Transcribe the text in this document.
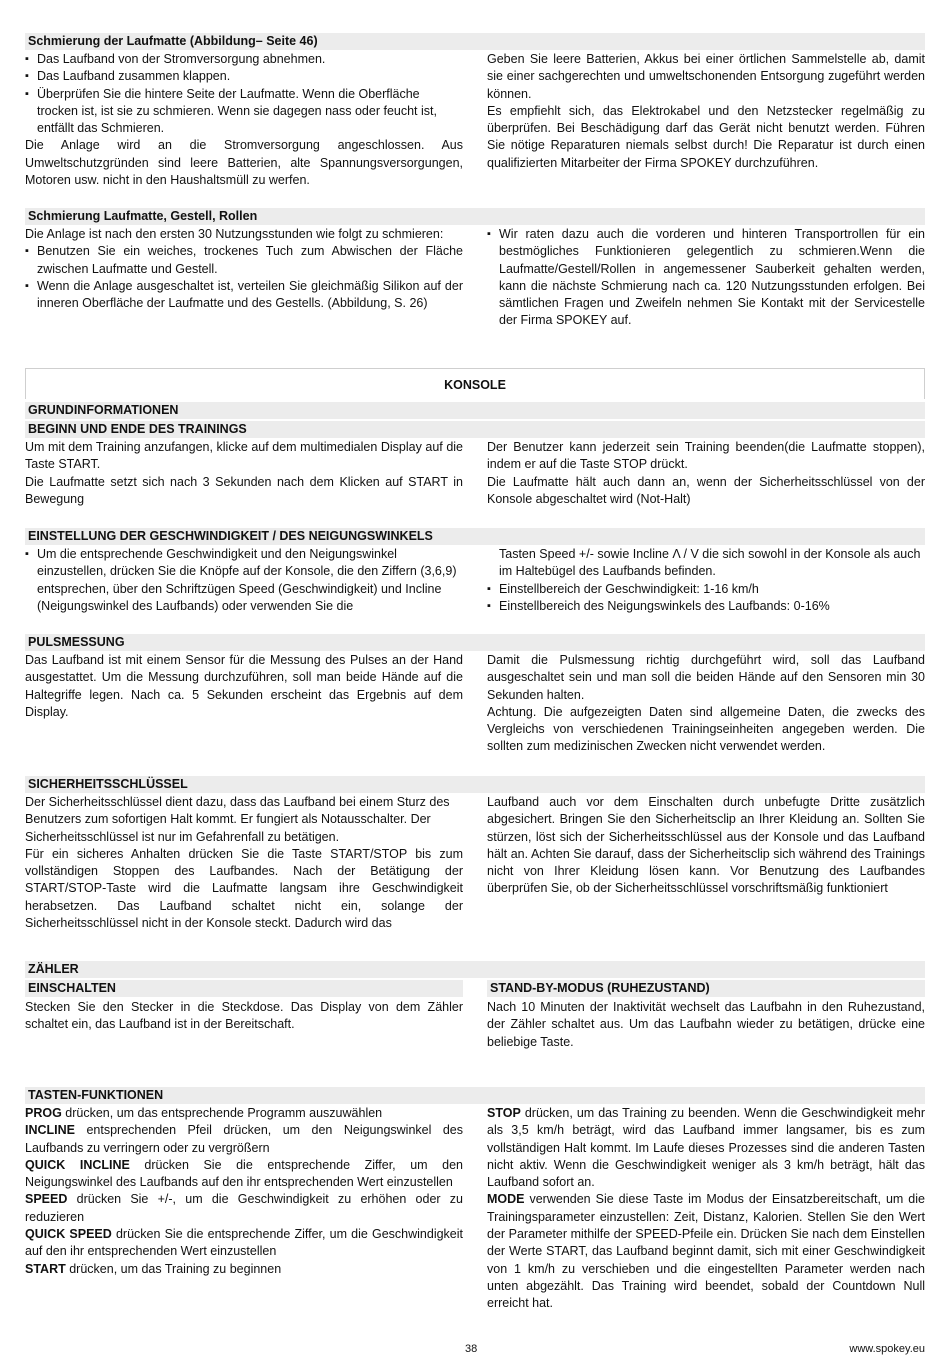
Schmierung der Laufmatte (Abbildung– Seite 46)
▪ Das Laufband von der Stromversorgung abnehmen.
▪ Das Laufband zusammen klappen.
▪ Überprüfen Sie die hintere Seite der Laufmatte. Wenn die Oberfläche trocken ist, ist sie zu schmieren. Wenn sie dagegen nass oder feucht ist, entfällt das Schmieren.

Die Anlage wird an die Stromversorgung angeschlossen. Aus Umweltschutzgründen sind leere Batterien, alte Spannungsversorgungen, Motoren usw. nicht in den Haushaltsmüll zu werfen.

Geben Sie leere Batterien, Akkus bei einer örtlichen Sammelstelle ab, damit sie einer sachgerechten und umweltschonenden Entsorgung zugeführt werden können.

Es empfiehlt sich, das Elektrokabel und den Netzstecker regelmäßig zu überprüfen. Bei Beschädigung darf das Gerät nicht benutzt werden. Führen Sie nötige Reparaturen niemals selbst durch! Die Reparatur ist durch einen qualifizierten Mitarbeiter der Firma SPOKEY durchzuführen.

Schmierung Laufmatte, Gestell, Rollen

Die Anlage ist nach den ersten 30 Nutzungsstunden wie folgt zu schmieren:

▪ Benutzen Sie ein weiches, trockenes Tuch zum Abwischen der Fläche zwischen Laufmatte und Gestell.
▪ Wenn die Anlage ausgeschaltet ist, verteilen Sie gleichmäßig Silikon auf der inneren Oberfläche der Laufmatte und des Gestells. (Abbildung, S. 26)
▪ Wir raten dazu auch die vorderen und hinteren Transportrollen für ein bestmögliches Funktionieren gelegentlich zu schmieren.Wenn die Laufmatte/Gestell/Rollen in angemessener Sauberkeit gehalten werden, kann die nächste Schmierung nach ca. 120 Nutzungsstunden erfolgen. Bei sämtlichen Fragen und Zweifeln nehmen Sie Kontakt mit der Servicestelle der Firma SPOKEY auf.
KONSOLE
GRUNDINFORMATIONEN
BEGINN UND ENDE DES TRAININGS

Um mit dem Training anzufangen, klicke auf dem multimedialen Display auf die Taste START.

Die Laufmatte setzt sich nach 3 Sekunden nach dem Klicken auf START in Bewegung

Der Benutzer kann jederzeit sein Training beenden(die Laufmatte stoppen), indem er auf die Taste STOP drückt.

Die Laufmatte hält auch dann an, wenn der Sicherheitsschlüssel von der Konsole abgeschaltet wird (Not-Halt)

EINSTELLUNG DER GESCHWINDIGKEIT / DES NEIGUNGSWINKELS
▪ Um die entsprechende Geschwindigkeit und den Neigungswinkel einzustellen, drücken Sie die Knöpfe auf der Konsole, die den Ziffern (3,6,9) entsprechen, über den Schriftzügen Speed (Geschwindigkeit) und Incline (Neigungswinkel des Laufbands) oder verwenden Sie die

Tasten Speed +/- sowie Incline Λ / V die sich sowohl in der Konsole als auch im Haltebügel des Laufbands befinden.

▪ Einstellbereich der Geschwindigkeit: 1-16 km/h
▪ Einstellbereich des Neigungswinkels des Laufbands: 0-16%
PULSMESSUNG

Das Laufband ist mit einem Sensor für die Messung des Pulses an der Hand ausgestattet. Um die Messung durchzuführen, soll man beide Hände auf die Haltegriffe legen. Nach ca. 5 Sekunden erscheint das Ergebnis auf dem Display.

Damit die Pulsmessung richtig durchgeführt wird, soll das Laufband ausgeschaltet sein und man soll die beiden Hände auf den Sensoren min 30 Sekunden halten.

Achtung. Die aufgezeigten Daten sind allgemeine Daten, die zwecks des Vergleichs von verschiedenen Trainingseinheiten angegeben werden. Die sollten zum medizinischen Zwecken nicht verwendet werden.

SICHERHEITSSCHLÜSSEL

Der Sicherheitsschlüssel dient dazu, dass das Laufband bei einem Sturz des Benutzers zum sofortigen Halt kommt. Er fungiert als Notausschalter. Der Sicherheitsschlüssel ist nur im Gefahrenfall zu betätigen.

Für ein sicheres Anhalten drücken Sie die Taste START/STOP bis zum vollständigen Stoppen des Laufbandes. Nach der Betätigung der START/STOP-Taste wird die Laufmatte langsam ihre Geschwindigkeit herabsetzen. Das Laufband schaltet nicht ein, solange der Sicherheitsschlüssel nicht in der Konsole steckt. Dadurch wird das

Laufband auch vor dem Einschalten durch unbefugte Dritte zusätzlich abgesichert. Bringen Sie den Sicherheitsclip an Ihrer Kleidung an. Sollten Sie stürzen, löst sich der Sicherheitsschlüssel aus der Konsole und das Laufband hält an. Achten Sie darauf, dass der Sicherheitsclip sich während des Trainings nicht von Ihrer Kleidung lösen kann. Vor Benutzung des Laufbandes überprüfen Sie, ob der Sicherheitsschlüssel vorschriftsmäßig funktioniert

ZÄHLER
EINSCHALTEN

Stecken Sie den Stecker in die Steckdose. Das Display von dem Zähler schaltet ein, das Laufband ist in der Bereitschaft.

STAND-BY-MODUS (RUHEZUSTAND)

Nach 10 Minuten der Inaktivität wechselt das Laufbahn in den Ruhezustand, der Zähler schaltet aus. Um das Laufbahn wieder zu betätigen, drücke eine beliebige Taste.

TASTEN-FUNKTIONEN

PROG drücken, um das entsprechende Programm auszuwählen

INCLINE entsprechenden Pfeil drücken, um den Neigungswinkel des Laufbands zu verringern oder zu vergrößern

QUICK INCLINE drücken Sie die entsprechende Ziffer, um den Neigungswinkel des Laufbands auf den ihr entsprechenden Wert einzustellen

SPEED drücken Sie +/-, um die Geschwindigkeit zu erhöhen oder zu reduzieren

QUICK SPEED drücken Sie die entsprechende Ziffer, um die Geschwindigkeit auf den ihr entsprechenden Wert einzustellen

START drücken, um das Training zu beginnen

STOP drücken, um das Training zu beenden. Wenn die Geschwindigkeit mehr als 3,5 km/h beträgt, wird das Laufband immer langsamer, bis es zum vollständigen Halt kommt. Im Laufe dieses Prozesses sind die anderen Tasten nicht aktiv. Wenn die Geschwindigkeit weniger als 3 km/h beträgt, hält das Laufband sofort an.

MODE verwenden Sie diese Taste im Modus der Einsatzbereitschaft, um die Trainingsparameter einzustellen: Zeit, Distanz, Kalorien. Stellen Sie den Wert der Parameter mithilfe der SPEED-Pfeile ein. Drücken Sie nach dem Einstellen der Werte START, das Laufband beginnt damit, sich mit einer Geschwindigkeit von 1 km/h zu verschieben und die eingestellten Parameter werden nach unten abgezählt. Das Training wird beendet, sobald der Countdown Null erreicht hat.

38	www.spokey.eu
